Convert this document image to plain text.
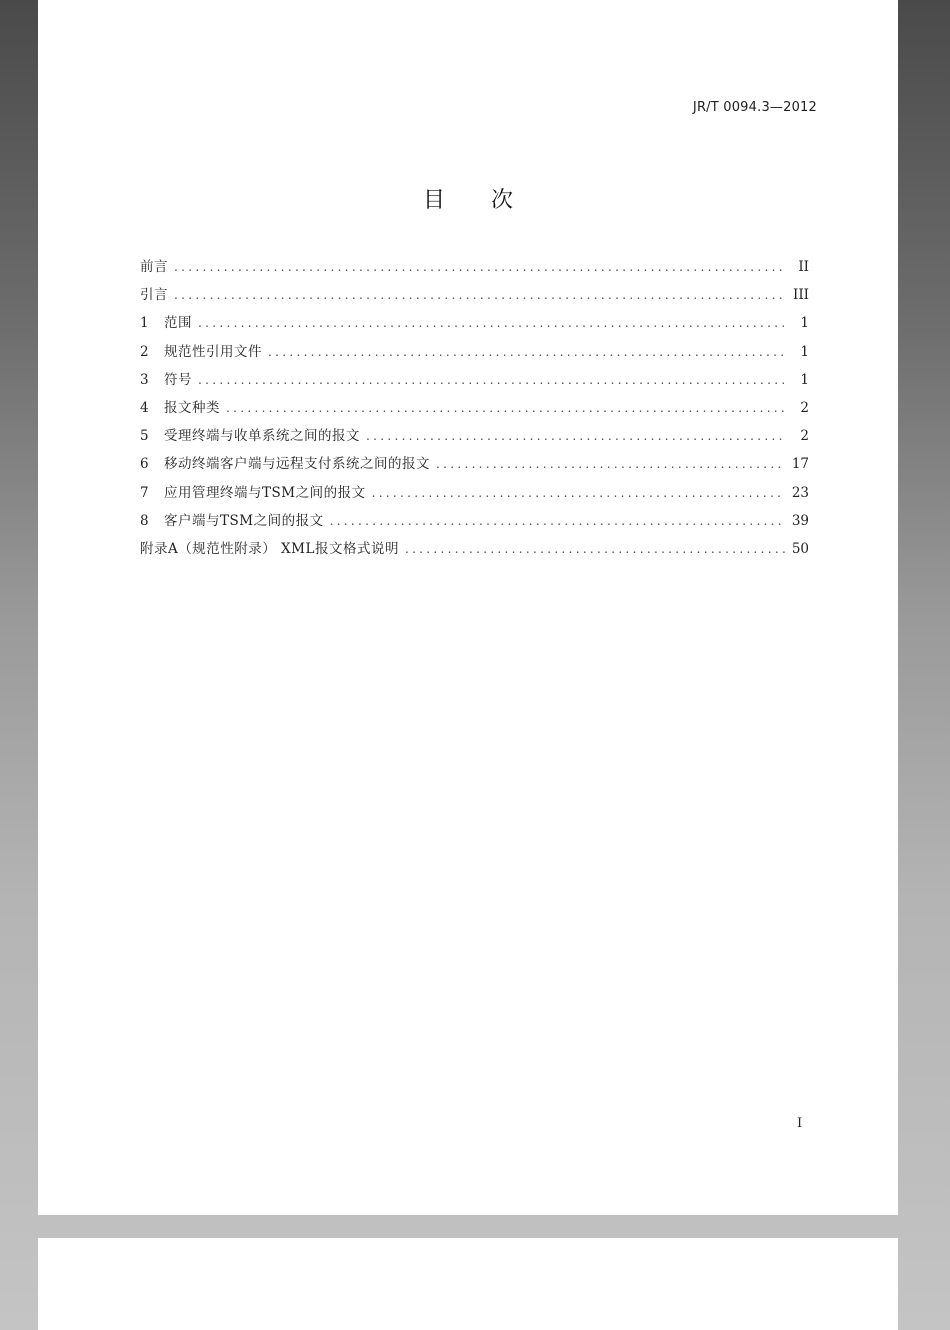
JR/T 0094.3—2012
目次
前言 .....	II
引言 .....	III
1	范围 .....	1
2	规范性引用文件 .....	1
3	符号 .....	1
4	报文种类 .....	2
5	受理终端与收单系统之间的报文 .....	2
6	移动终端客户端与远程支付系统之间的报文 .....	17
7	应用管理终端与TSM之间的报文 .....	23
8	客户端与TSM之间的报文 .....	39
附录A（规范性附录） XML报文格式说明 .....	50
I
